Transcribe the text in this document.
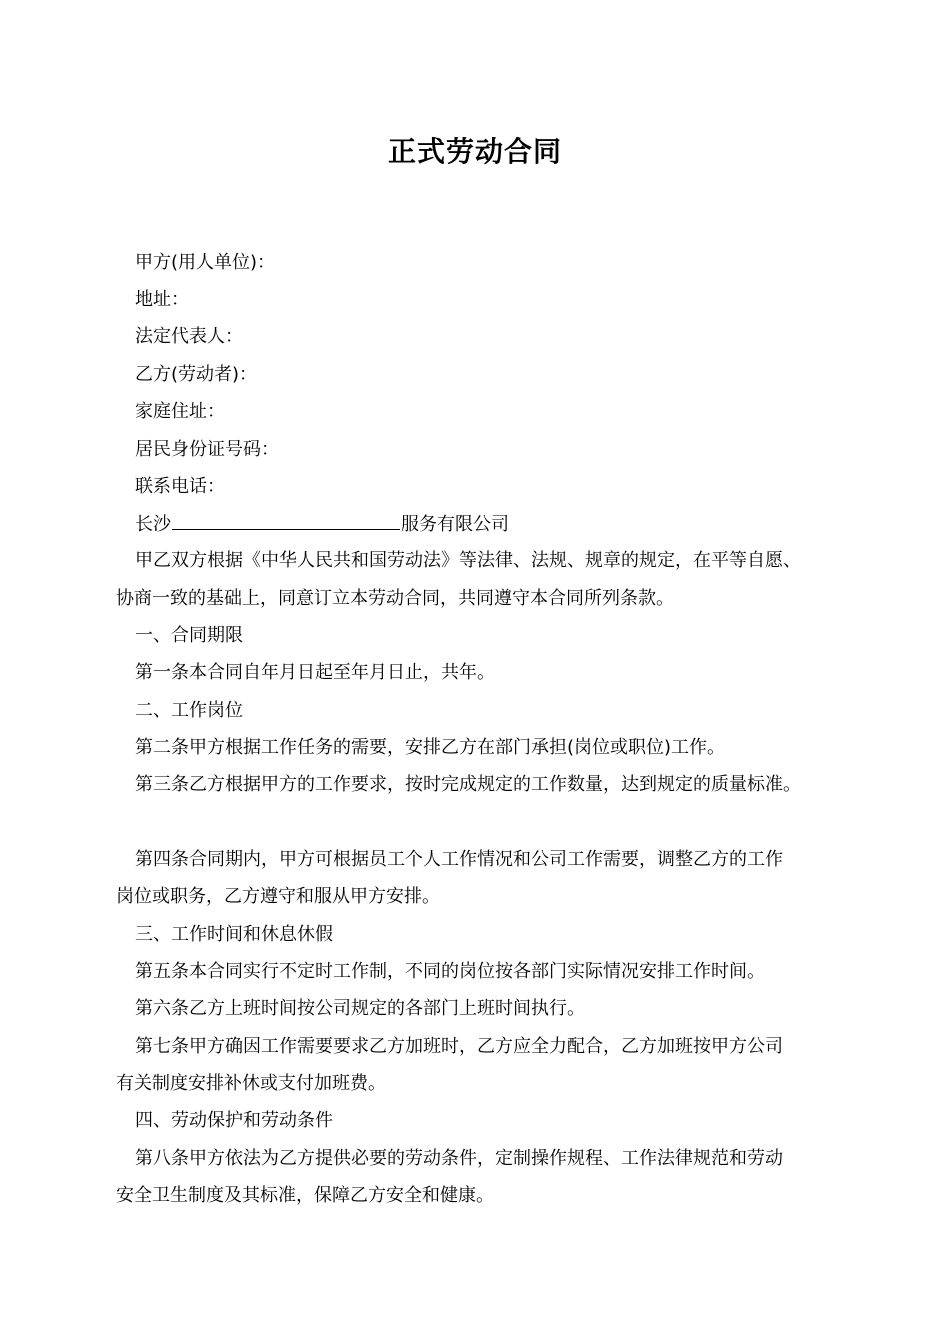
正式劳动合同
甲方(用人单位)：
地址：
法定代表人：
乙方(劳动者)：
家庭住址：
居民身份证号码：
联系电话：
长沙	服务有限公司
甲乙双方根据《中华人民共和国劳动法》等法律、法规、规章的规定，在平等自愿、
协商一致的基础上，同意订立本劳动合同，共同遵守本合同所列条款。
一、合同期限
第一条本合同自年月日起至年月日止，共年。
二、工作岗位
第二条甲方根据工作任务的需要，安排乙方在部门承担(岗位或职位)工作。
第三条乙方根据甲方的工作要求，按时完成规定的工作数量，达到规定的质量标准。
第四条合同期内，甲方可根据员工个人工作情况和公司工作需要，调整乙方的工作
岗位或职务，乙方遵守和服从甲方安排。
三、工作时间和休息休假
第五条本合同实行不定时工作制，不同的岗位按各部门实际情况安排工作时间。
第六条乙方上班时间按公司规定的各部门上班时间执行。
第七条甲方确因工作需要要求乙方加班时，乙方应全力配合，乙方加班按甲方公司
有关制度安排补休或支付加班费。
四、劳动保护和劳动条件
第八条甲方依法为乙方提供必要的劳动条件，定制操作规程、工作法律规范和劳动
安全卫生制度及其标准，保障乙方安全和健康。
